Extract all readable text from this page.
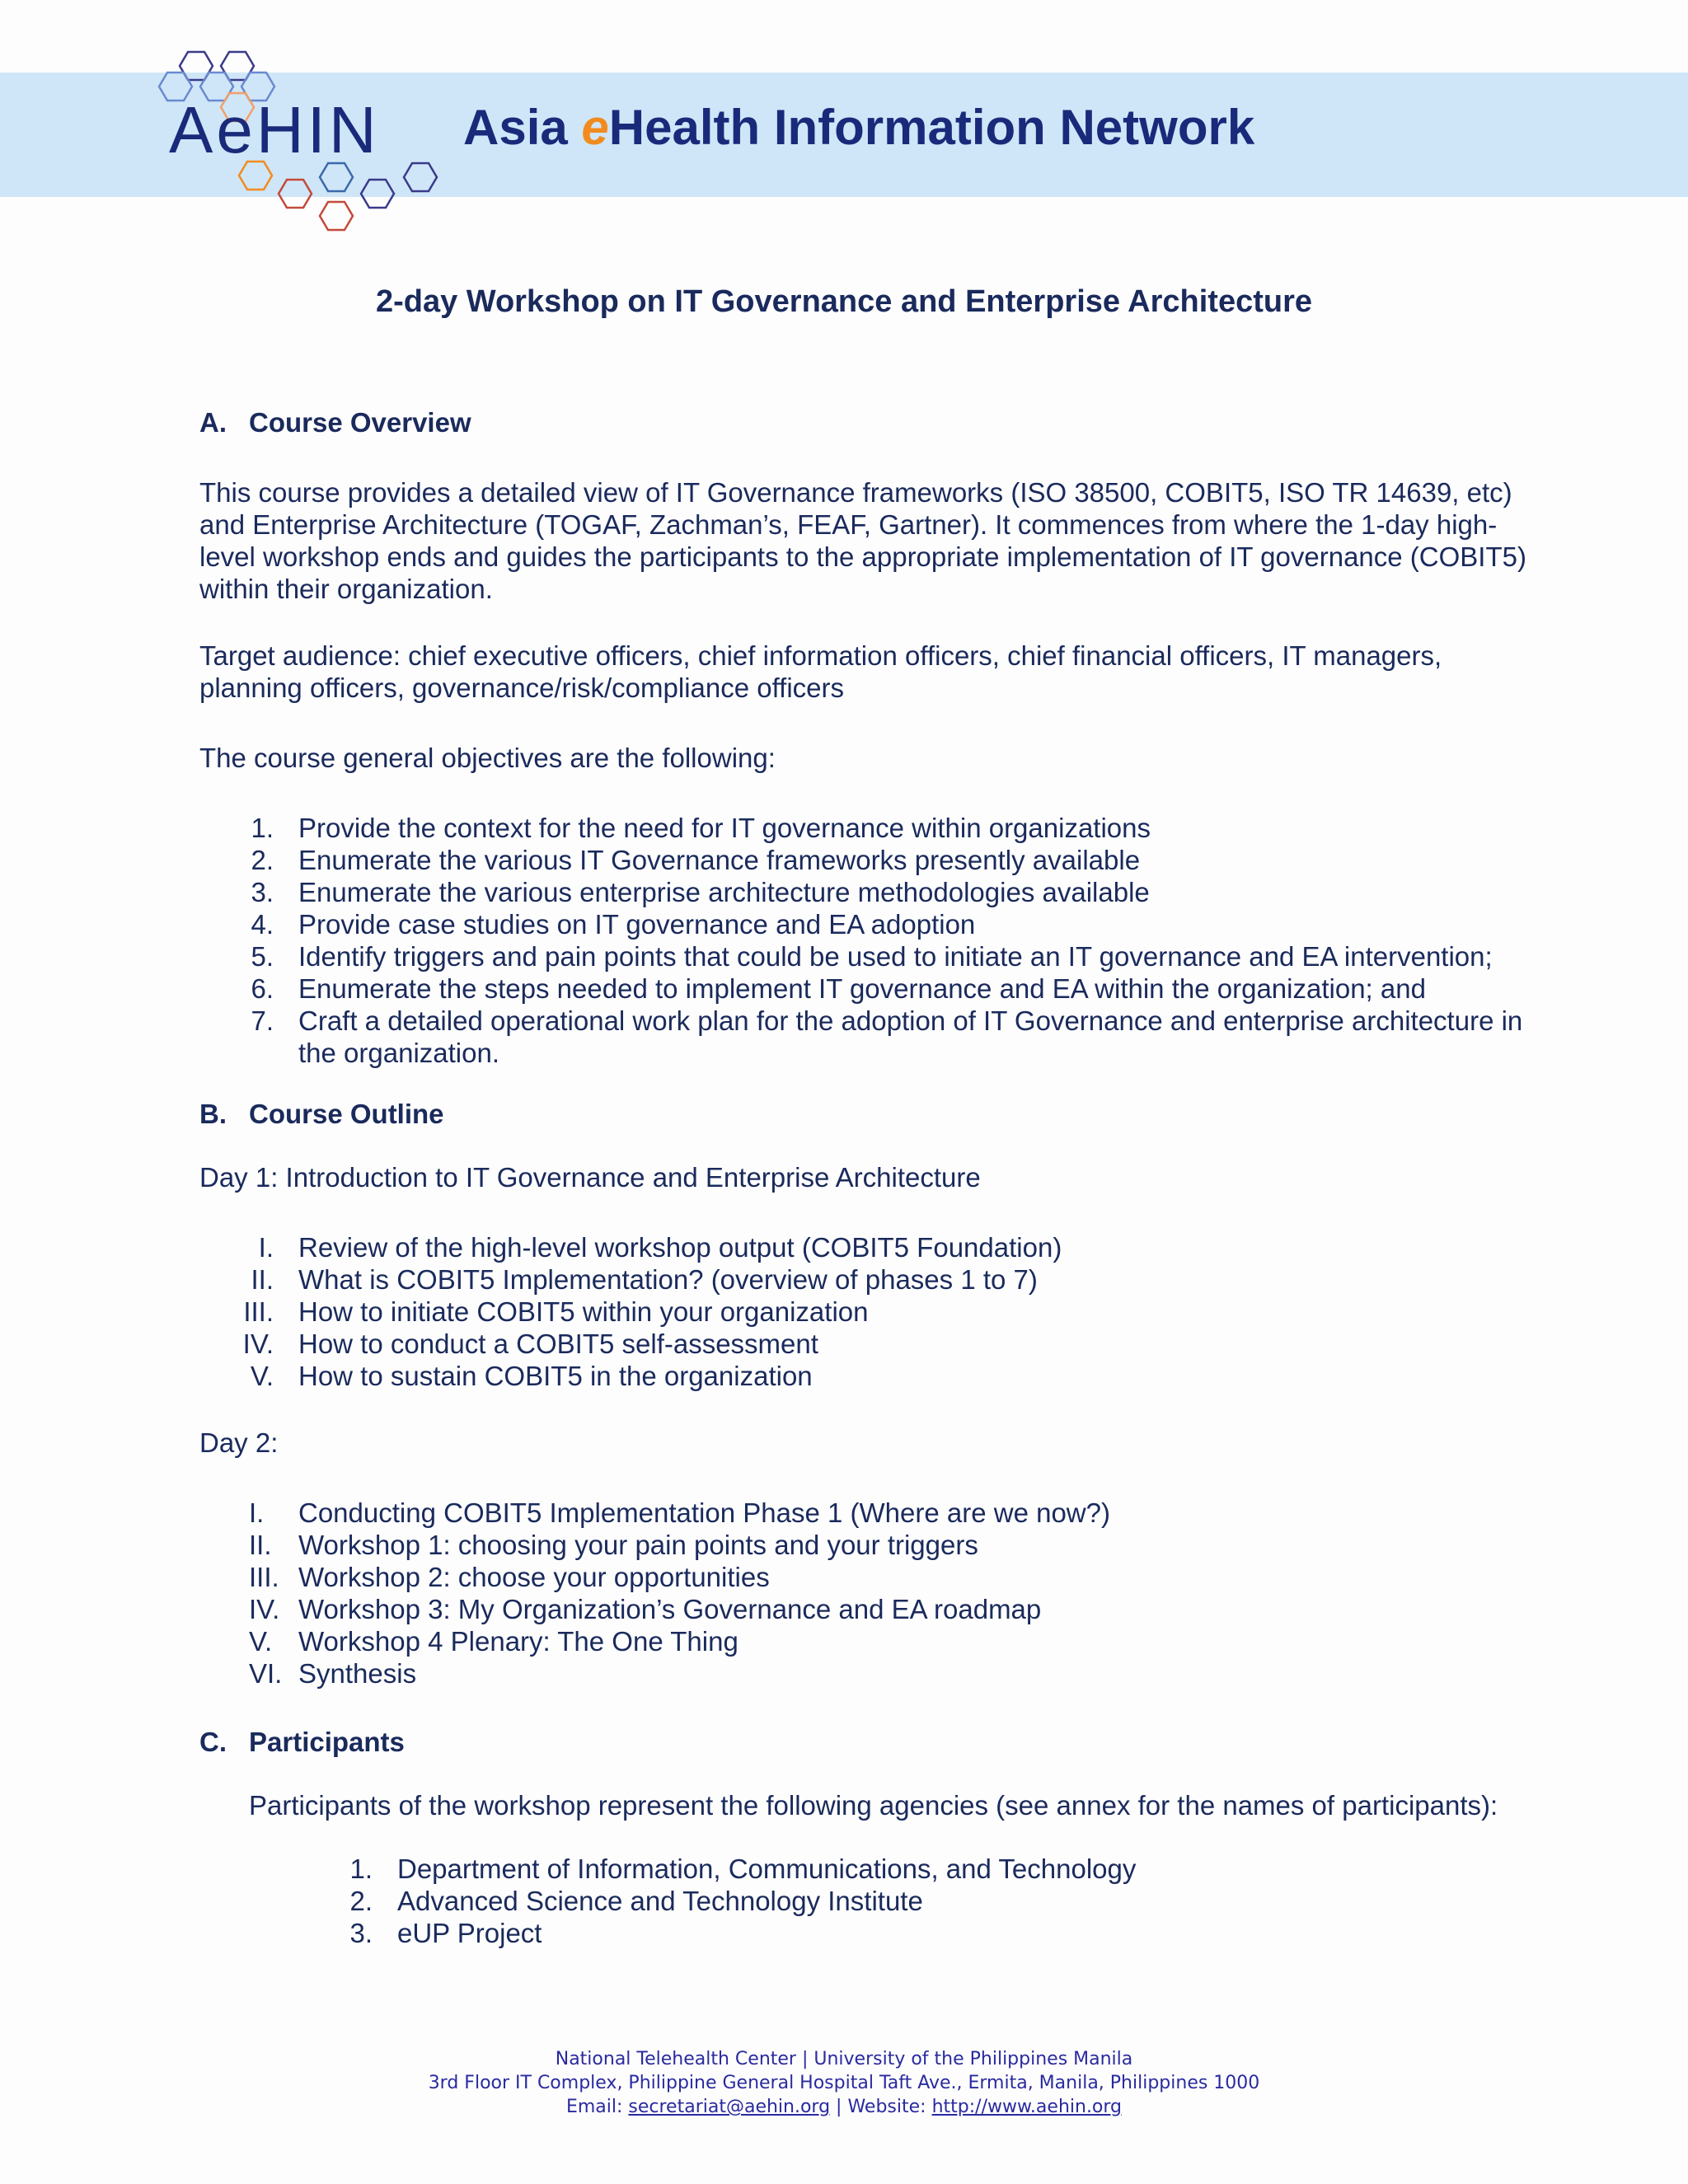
AeHIN Asia eHealth Information Network
2-day Workshop on IT Governance and Enterprise Architecture
A. Course Overview

This course provides a detailed view of IT Governance frameworks (ISO 38500, COBIT5, ISO TR 14639, etc) and Enterprise Architecture (TOGAF, Zachman’s, FEAF, Gartner). It commences from where the 1-day high-level workshop ends and guides the participants to the appropriate implementation of IT governance (COBIT5) within their organization.

Target audience: chief executive officers, chief information officers, chief financial officers, IT managers, planning officers, governance/risk/compliance officers

The course general objectives are the following:

1. Provide the context for the need for IT governance within organizations
2. Enumerate the various IT Governance frameworks presently available
3. Enumerate the various enterprise architecture methodologies available
4. Provide case studies on IT governance and EA adoption
5. Identify triggers and pain points that could be used to initiate an IT governance and EA intervention;
6. Enumerate the steps needed to implement IT governance and EA within the organization; and
7. Craft a detailed operational work plan for the adoption of IT Governance and enterprise architecture in the organization.
B. Course Outline

Day 1: Introduction to IT Governance and Enterprise Architecture

I. Review of the high-level workshop output (COBIT5 Foundation)
II. What is COBIT5 Implementation? (overview of phases 1 to 7)
III. How to initiate COBIT5 within your organization
IV. How to conduct a COBIT5 self-assessment
V. How to sustain COBIT5 in the organization

Day 2:

I.	Conducting COBIT5 Implementation Phase 1 (Where are we now?)
II. Workshop 1: choosing your pain points and your triggers
III. Workshop 2: choose your opportunities
IV. Workshop 3: My Organization’s Governance and EA roadmap
V. Workshop 4 Plenary: The One Thing
VI. Synthesis
C. Participants

Participants of the workshop represent the following agencies (see annex for the names of participants):

1. Department of Information, Communications, and Technology
2. Advanced Science and Technology Institute
3. eUP Project
National Telehealth Center | University of the Philippines Manila
3rd Floor IT Complex, Philippine General Hospital Taft Ave., Ermita, Manila, Philippines 1000
Email: secretariat@aehin.org | Website: http://www.aehin.org
